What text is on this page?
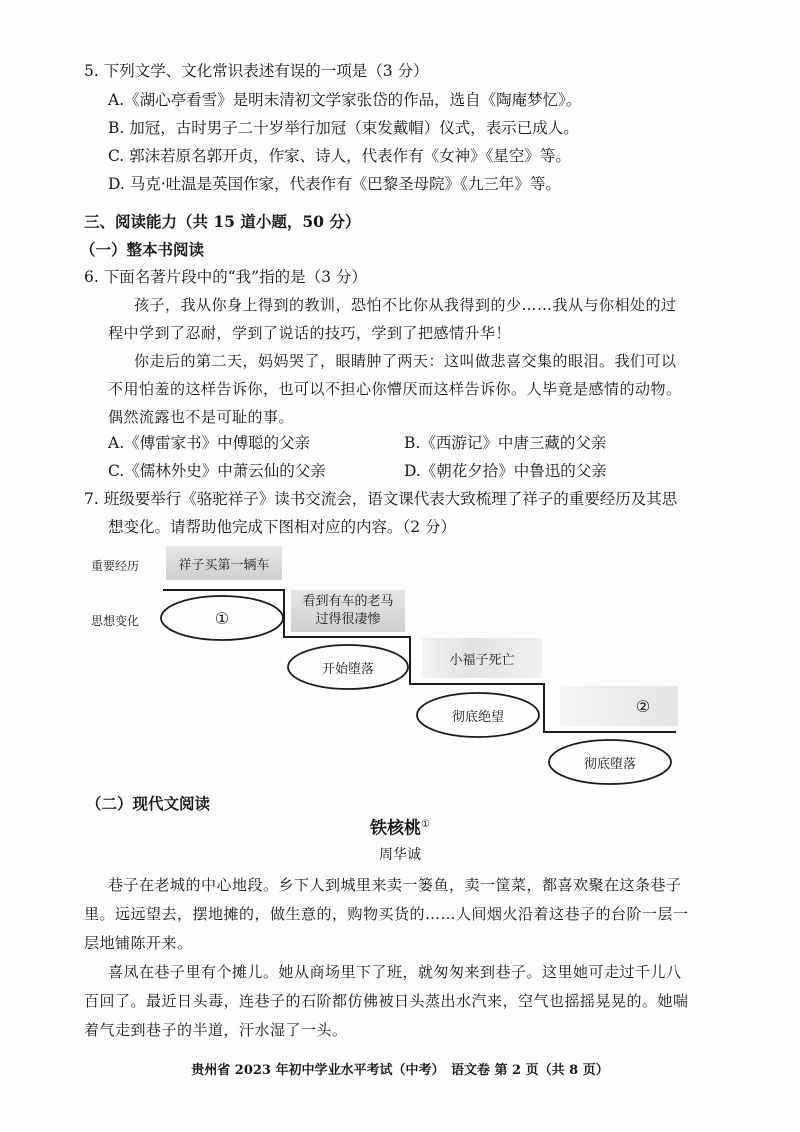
5. 下列文学、文化常识表述有误的一项是（3 分）
A.《湖心亭看雪》是明末清初文学家张岱的作品，选自《陶庵梦忆》。
B. 加冠，古时男子二十岁举行加冠（束发戴帽）仪式，表示已成人。
C. 郭沫若原名郭开贞，作家、诗人，代表作有《女神》《星空》等。
D. 马克·吐温是英国作家，代表作有《巴黎圣母院》《九三年》等。
三、阅读能力（共 15 道小题，50 分）
（一）整本书阅读
6. 下面名著片段中的“我”指的是（3 分）
孩子，我从你身上得到的教训，恐怕不比你从我得到的少……我从与你相处的过
程中学到了忍耐，学到了说话的技巧，学到了把感情升华！
你走后的第二天，妈妈哭了，眼睛肿了两天：这叫做悲喜交集的眼泪。我们可以
不用怕羞的这样告诉你，也可以不担心你懵厌而这样告诉你。人毕竟是感情的动物。
偶然流露也不是可耻的事。
A.《傅雷家书》中傅聪的父亲	B.《西游记》中唐三藏的父亲
C.《儒林外史》中萧云仙的父亲	D.《朝花夕拾》中鲁迅的父亲
7. 班级要举行《骆驼祥子》读书交流会，语文课代表大致梳理了祥子的重要经历及其思
想变化。请帮助他完成下图相对应的内容。（2 分）
重要经历
思想变化
祥子买第一辆车
看到有车的老马
过得很凄惨
小福子死亡
②
①
开始堕落
彻底绝望
彻底堕落
（二）现代文阅读
铁核桃①
周华诚
巷子在老城的中心地段。乡下人到城里来卖一篓鱼，卖一筐菜，都喜欢聚在这条巷子
里。远远望去，摆地摊的，做生意的，购物买货的……人间烟火沿着这巷子的台阶一层一
层地铺陈开来。
喜凤在巷子里有个摊儿。她从商场里下了班，就匆匆来到巷子。这里她可走过千儿八
百回了。最近日头毒，连巷子的石阶都仿佛被日头蒸出水汽来，空气也摇摇晃晃的。她喘
着气走到巷子的半道，汗水湿了一头。
贵州省 2023 年初中学业水平考试（中考）　语文卷 第 2 页（共 8 页）
